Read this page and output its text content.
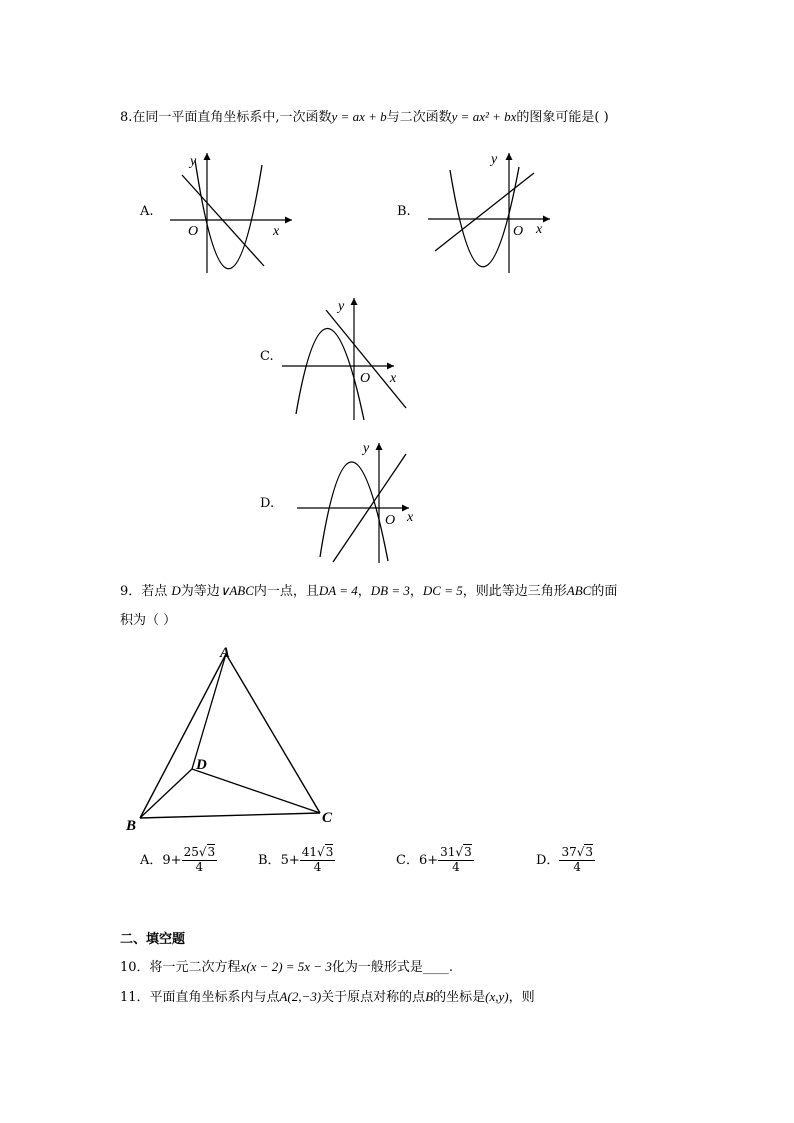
8.在同一平面直角坐标系中,一次函数y = ax + b与二次函数y = ax² + bx的图象可能是( )
A.
y
O	x
B.
y
O x
C.
y
O x
D.
y
O x
9．若点 D为等边∨ABC内一点，且DA = 4，DB = 3，DC = 5，则此等边三角形ABC的面
积为（ ）
A
B	C
D
A．$9+ \frac{25√3}{4}$	B．$5+ \frac{41√3}{4}$	C．$6+ \frac{31√3}{4}$	D． $\frac{37√3}{4}$
二、填空题
10．将一元二次方程x(x − 2) = 5x − 3化为一般形式是____.
11．平面直角坐标系内与点A(2,−3)关于原点对称的点B的坐标是(x,y)，则
